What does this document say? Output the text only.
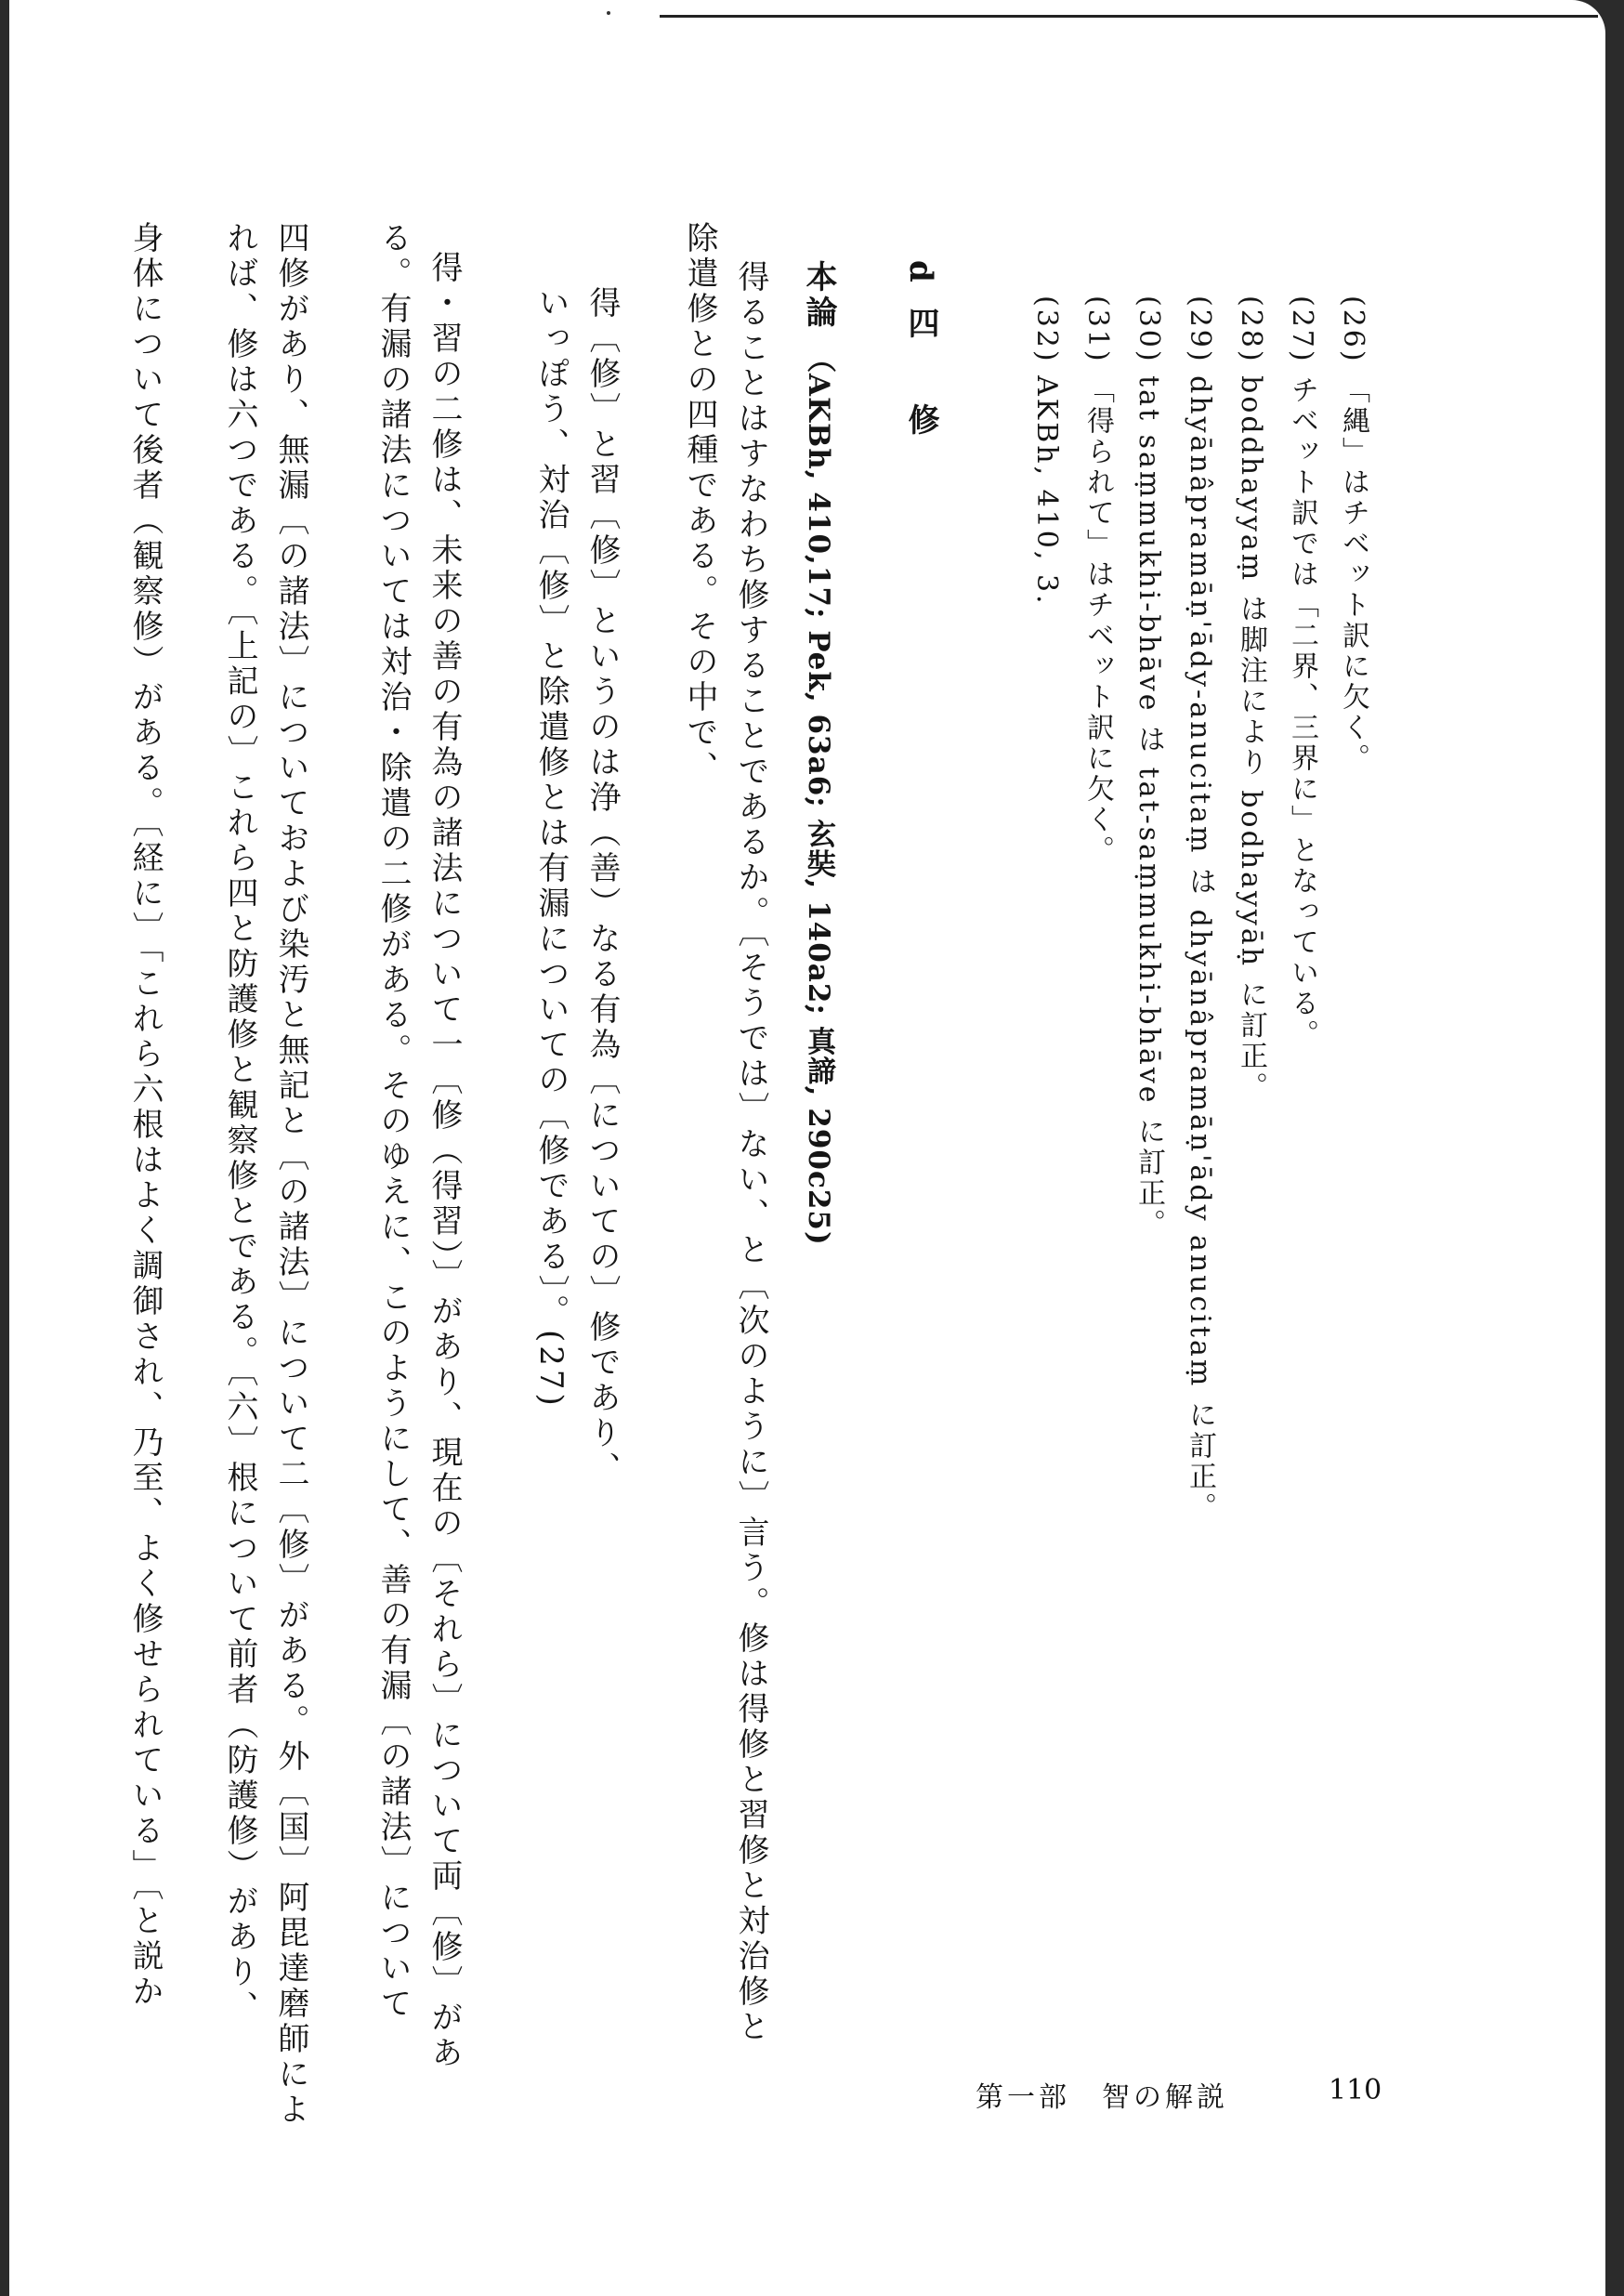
(26) 「縄」はチベット訳に欠く。
(27) チベット訳では「二界、三界に」となっている。
(28) boddhayyaṃ は脚注により bodhayyāḥ に訂正。
(29) dhyānâpramāṇ'ādy-anucitaṃ は dhyānâpramāṇ'ādy anucitaṃ に訂正。
(30) tat saṃmukhi-bhāve は tat-saṃmukhi-bhāve に訂正。
(31) 「得られて」はチベット訳に欠く。
(32) AKBh, 410, 3.
d
四　修
本論
（AKBh, 410,17; Pek, 63a6; 玄奘, 140a2; 真諦, 290c25)
得ることはすなわち修することであるか。〔そうでは〕ない、と〔次のように〕言う。修は得修と習修と対治修と
除遣修との四種である。その中で、
　得〔修〕と習〔修〕というのは浄（善）なる有為〔についての〕修であり、
　いっぽう、対治〔修〕と除遣修とは有漏についての〔修である〕。(27)
得・習の二修は、未来の善の有為の諸法について一〔修（得習）〕があり、現在の〔それら〕について両〔修〕があ
る。有漏の諸法については対治・除遣の二修がある。そのゆえに、このようにして、善の有漏〔の諸法〕について
四修があり、無漏〔の諸法〕についておよび染汚と無記と〔の諸法〕について二〔修〕がある。外〔国〕阿毘達磨師によ
れば、修は六つである。〔上記の〕これら四と防護修と観察修とである。〔六〕根について前者（防護修）があり、
身体について後者（観察修）がある。〔経に〕「これら六根はよく調御され、乃至、よく修せられている」〔と説か
第一部　智の解説	110
